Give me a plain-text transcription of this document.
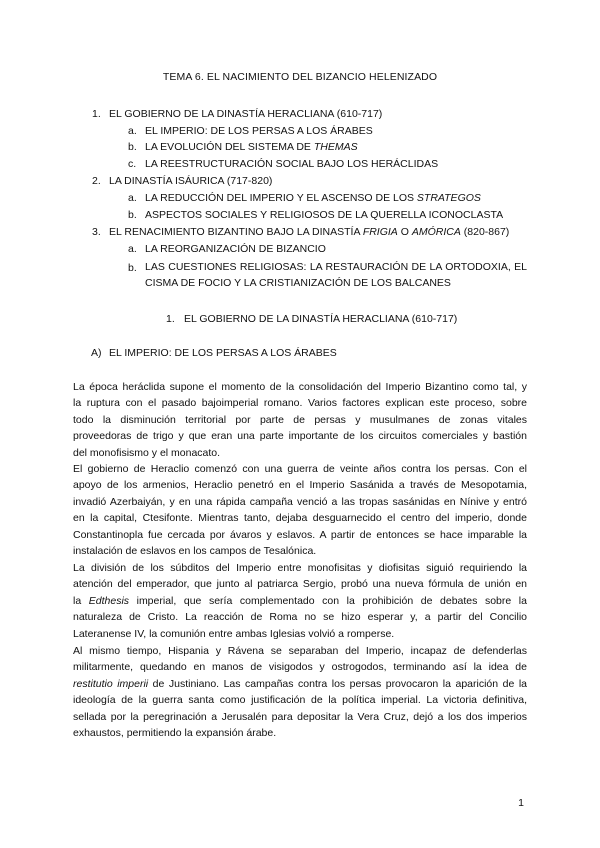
TEMA 6. EL NACIMIENTO DEL BIZANCIO HELENIZADO
1. EL GOBIERNO DE LA DINASTÍA HERACLIANA (610-717)
a. EL IMPERIO: DE LOS PERSAS A LOS ÁRABES
b. LA EVOLUCIÓN DEL SISTEMA DE THEMAS
c. LA REESTRUCTURACIÓN SOCIAL BAJO LOS HERÁCLIDAS
2. LA DINASTÍA ISÁURICA (717-820)
a. LA REDUCCIÓN DEL IMPERIO Y EL ASCENSO DE LOS STRATEGOS
b. ASPECTOS SOCIALES Y RELIGIOSOS DE LA QUERELLA ICONOCLASTA
3. EL RENACIMIENTO BIZANTINO BAJO LA DINASTÍA FRIGIA O AMÓRICA (820-867)
a. LA REORGANIZACIÓN DE BIZANCIO
b. LAS CUESTIONES RELIGIOSAS: LA RESTAURACIÓN DE LA ORTODOXIA, EL
CISMA DE FOCIO Y LA CRISTIANIZACIÓN DE LOS BALCANES
1. EL GOBIERNO DE LA DINASTÍA HERACLIANA (610-717)
A) EL IMPERIO: DE LOS PERSAS A LOS ÁRABES
La época heráclida supone el momento de la consolidación del Imperio Bizantino como tal, y
la ruptura con el pasado bajoimperial romano. Varios factores explican este proceso, sobre
todo la disminución territorial por parte de persas y musulmanes de zonas vitales
proveedoras de trigo y que eran una parte importante de los circuitos comerciales y bastión
del monofisismo y el monacato.
El gobierno de Heraclio comenzó con una guerra de veinte años contra los persas. Con el
apoyo de los armenios, Heraclio penetró en el Imperio Sasánida a través de Mesopotamia,
invadió Azerbaiyán, y en una rápida campaña venció a las tropas sasánidas en Nínive y entró
en la capital, Ctesifonte. Mientras tanto, dejaba desguarnecido el centro del imperio, donde
Constantinopla fue cercada por ávaros y eslavos. A partir de entonces se hace imparable la
instalación de eslavos en los campos de Tesalónica.
La división de los súbditos del Imperio entre monofisitas y diofisitas siguió requiriendo la
atención del emperador, que junto al patriarca Sergio, probó una nueva fórmula de unión en
la Edthesis imperial, que sería complementado con la prohibición de debates sobre la
naturaleza de Cristo. La reacción de Roma no se hizo esperar y, a partir del Concilio
Lateranense IV, la comunión entre ambas Iglesias volvió a romperse.
Al mismo tiempo, Hispania y Rávena se separaban del Imperio, incapaz de defenderlas
militarmente, quedando en manos de visigodos y ostrogodos, terminando así la idea de
restitutio imperii de Justiniano. Las campañas contra los persas provocaron la aparición de la
ideología de la guerra santa como justificación de la política imperial. La victoria definitiva,
sellada por la peregrinación a Jerusalén para depositar la Vera Cruz, dejó a los dos imperios
exhaustos, permitiendo la expansión árabe.
1
